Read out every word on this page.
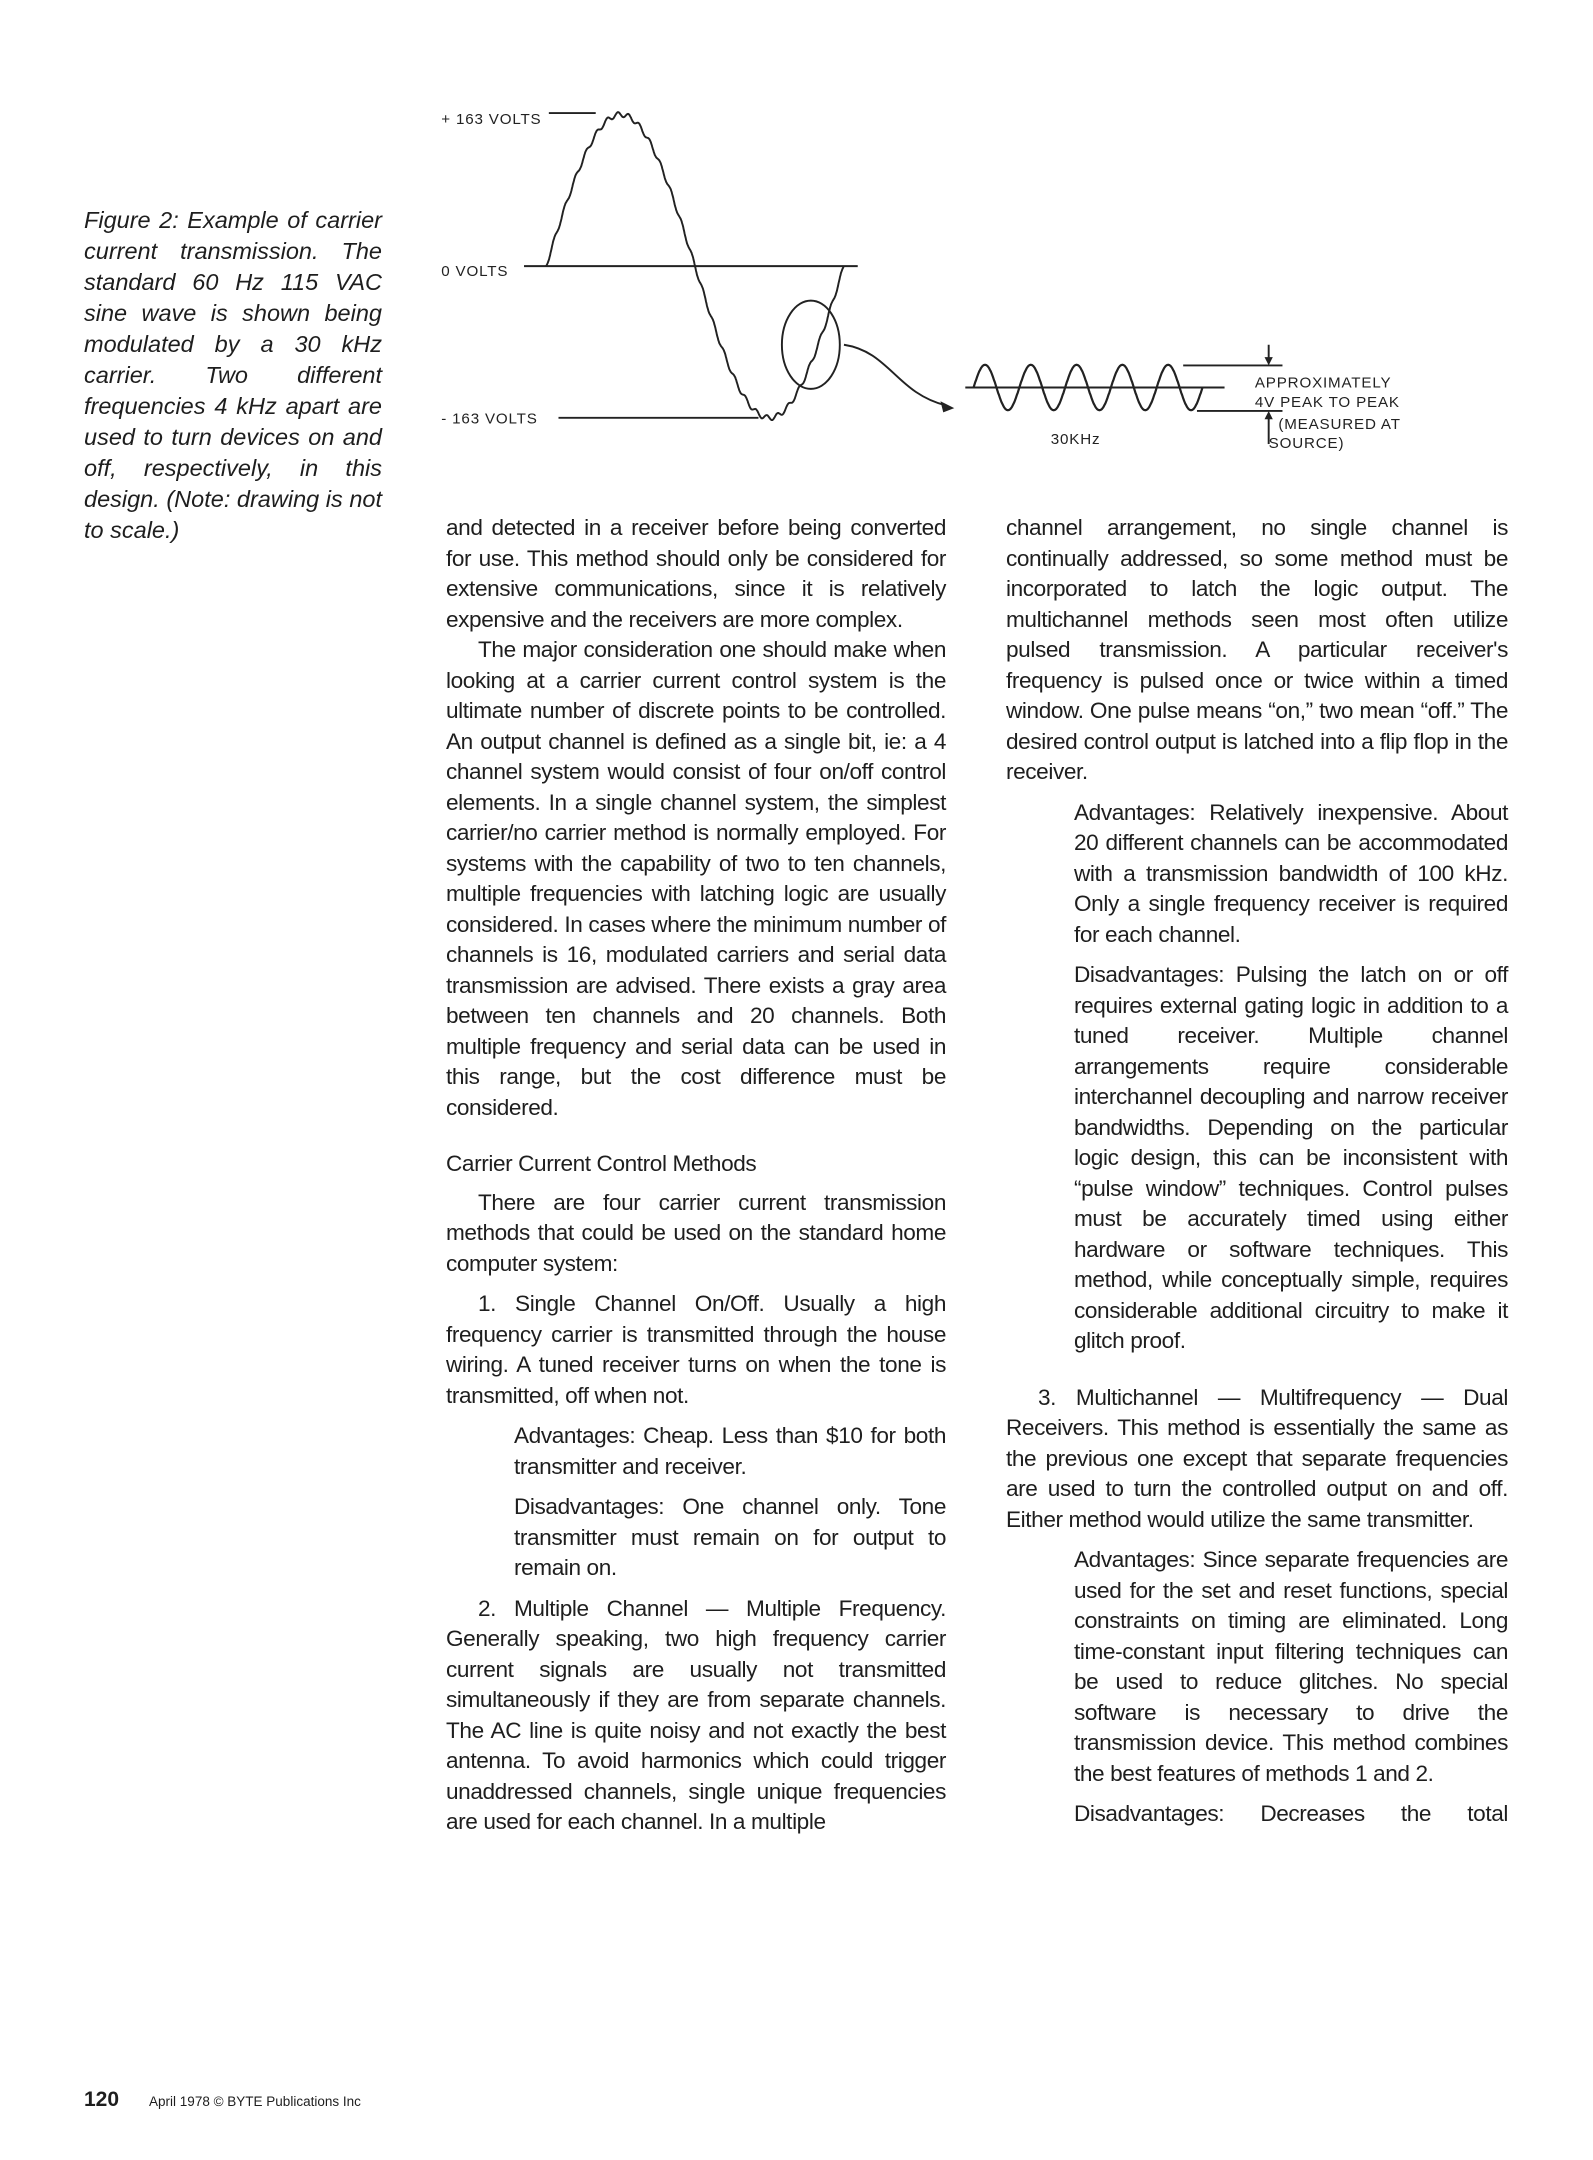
Figure 2: Example of carrier current transmission. The standard 60 Hz 115 VAC sine wave is shown being modulated by a 30 kHz carrier. Two different frequencies 4 kHz apart are used to turn devices on and off, respectively, in this design. (Note: drawing is not to scale.)
+ 163 VOLTS
0 VOLTS
- 163 VOLTS
30KHz
APPROXIMATELY
4V PEAK TO PEAK
(MEASURED AT
SOURCE)

and detected in a receiver before being converted for use. This method should only be considered for extensive communications, since it is relatively expensive and the receivers are more complex.

The major consideration one should make when looking at a carrier current control system is the ultimate number of discrete points to be controlled. An output channel is defined as a single bit, ie: a 4 channel system would consist of four on/off control elements. In a single channel system, the simplest carrier/no carrier method is normally employed. For systems with the capability of two to ten channels, multiple frequencies with latching logic are usually considered. In cases where the minimum number of channels is 16, modulated carriers and serial data transmission are advised. There exists a gray area between ten channels and 20 channels. Both multiple frequency and serial data can be used in this range, but the cost difference must be considered.

Carrier Current Control Methods

There are four carrier current transmission methods that could be used on the standard home computer system:

1. Single Channel On/Off. Usually a high frequency carrier is transmitted through the house wiring. A tuned receiver turns on when the tone is transmitted, off when not.

Advantages: Cheap. Less than $10 for both transmitter and receiver.

Disadvantages: One channel only. Tone transmitter must remain on for output to remain on.

2. Multiple Channel — Multiple Frequency. Generally speaking, two high frequency carrier current signals are usually not transmitted simultaneously if they are from separate channels. The AC line is quite noisy and not exactly the best antenna. To avoid harmonics which could trigger unaddressed channels, single unique frequencies are used for each channel. In a multiple

channel arrangement, no single channel is continually addressed, so some method must be incorporated to latch the logic output. The multichannel methods seen most often utilize pulsed transmission. A particular receiver's frequency is pulsed once or twice within a timed window. One pulse means “on,” two mean “off.” The desired control output is latched into a flip flop in the receiver.

Advantages: Relatively inexpensive. About 20 different channels can be accommodated with a transmission bandwidth of 100 kHz. Only a single frequency receiver is required for each channel.

Disadvantages: Pulsing the latch on or off requires external gating logic in addition to a tuned receiver. Multiple channel arrangements require considerable interchannel decoupling and narrow receiver bandwidths. Depending on the particular logic design, this can be inconsistent with “pulse window” techniques. Control pulses must be accurately timed using either hardware or software techniques. This method, while conceptually simple, requires considerable additional circuitry to make it glitch proof.

3. Multichannel — Multifrequency — Dual Receivers. This method is essentially the same as the previous one except that separate frequencies are used to turn the controlled output on and off. Either method would utilize the same transmitter.

Advantages: Since separate frequencies are used for the set and reset functions, special constraints on timing are eliminated. Long time-constant input filtering techniques can be used to reduce glitches. No special software is necessary to drive the transmission device. This method combines the best features of methods 1 and 2.

Disadvantages: Decreases the total

120 April 1978 © BYTE Publications Inc
